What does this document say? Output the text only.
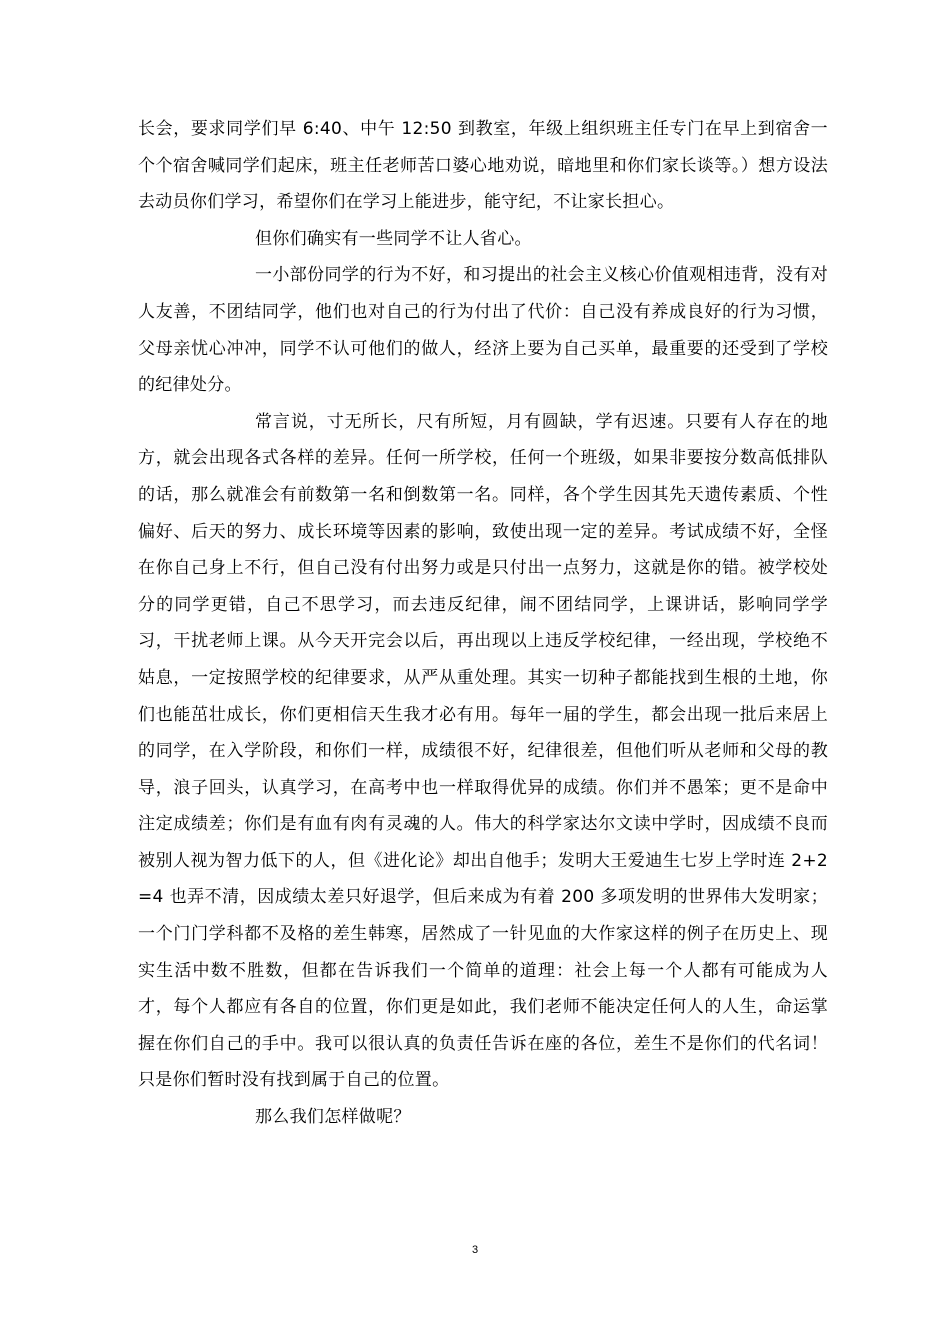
长会，要求同学们早 6:40、中午 12:50 到教室，年级上组织班主任专门在早上到宿舍一个个宿舍喊同学们起床，班主任老师苦口婆心地劝说，暗地里和你们家长谈等。）想方设法去动员你们学习，希望你们在学习上能进步，能守纪，不让家长担心。

但你们确实有一些同学不让人省心。

一小部份同学的行为不好，和习提出的社会主义核心价值观相违背，没有对人友善，不团结同学，他们也对自己的行为付出了代价：自己没有养成良好的行为习惯，父母亲忧心冲冲，同学不认可他们的做人，经济上要为自己买单，最重要的还受到了学校的纪律处分。

常言说，寸无所长，尺有所短，月有圆缺，学有迟速。只要有人存在的地方，就会出现各式各样的差异。任何一所学校，任何一个班级，如果非要按分数高低排队的话，那么就准会有前数第一名和倒数第一名。同样，各个学生因其先天遗传素质、个性偏好、后天的努力、成长环境等因素的影响，致使出现一定的差异。考试成绩不好，全怪在你自己身上不行，但自己没有付出努力或是只付出一点努力，这就是你的错。被学校处分的同学更错，自己不思学习，而去违反纪律，闹不团结同学，上课讲话，影响同学学习，干扰老师上课。从今天开完会以后，再出现以上违反学校纪律，一经出现，学校绝不姑息，一定按照学校的纪律要求，从严从重处理。其实一切种子都能找到生根的土地，你们也能茁壮成长，你们更相信天生我才必有用。每年一届的学生，都会出现一批后来居上的同学，在入学阶段，和你们一样，成绩很不好，纪律很差，但他们听从老师和父母的教导，浪子回头，认真学习，在高考中也一样取得优异的成绩。你们并不愚笨；更不是命中注定成绩差；你们是有血有肉有灵魂的人。伟大的科学家达尔文读中学时，因成绩不良而被别人视为智力低下的人，但《进化论》却出自他手；发明大王爱迪生七岁上学时连 2+2=4 也弄不清，因成绩太差只好退学，但后来成为有着 200 多项发明的世界伟大发明家；一个门门学科都不及格的差生韩寒，居然成了一针见血的大作家这样的例子在历史上、现实生活中数不胜数，但都在告诉我们一个简单的道理：社会上每一个人都有可能成为人才，每个人都应有各自的位置，你们更是如此，我们老师不能决定任何人的人生，命运掌握在你们自己的手中。我可以很认真的负责任告诉在座的各位，差生不是你们的代名词！只是你们暂时没有找到属于自己的位置。

那么我们怎样做呢？

3
